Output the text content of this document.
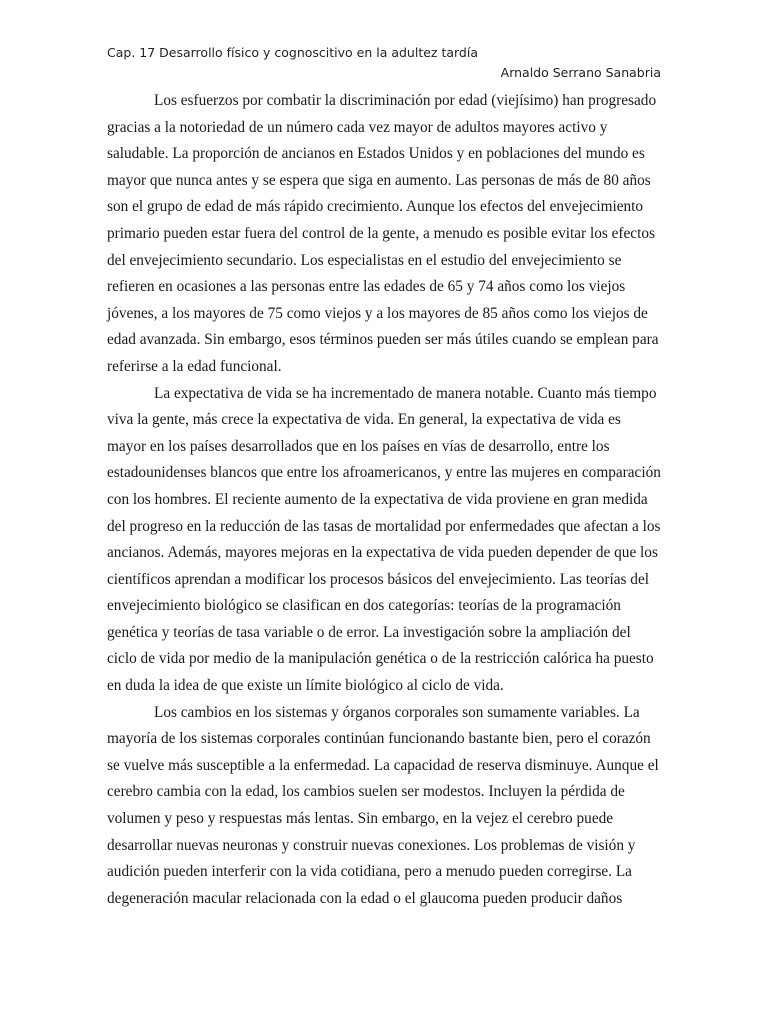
Cap. 17 Desarrollo físico y cognoscitivo en la adultez tardía
Arnaldo Serrano Sanabria

Los esfuerzos por combatir la discriminación por edad (viejísimo) han progresado gracias a la notoriedad de un número cada vez mayor de adultos mayores activo y saludable. La proporción de ancianos en Estados Unidos y en poblaciones del mundo es mayor que nunca antes y se espera que siga en aumento. Las personas de más de 80 años son el grupo de edad de más rápido crecimiento. Aunque los efectos del envejecimiento primario pueden estar fuera del control de la gente, a menudo es posible evitar los efectos del envejecimiento secundario. Los especialistas en el estudio del envejecimiento se refieren en ocasiones a las personas entre las edades de 65 y 74 años como los viejos jóvenes, a los mayores de 75 como viejos y a los mayores de 85 años como los viejos de edad avanzada. Sin embargo, esos términos pueden ser más útiles cuando se emplean para referirse a la edad funcional.

La expectativa de vida se ha incrementado de manera notable. Cuanto más tiempo viva la gente, más crece la expectativa de vida. En general, la expectativa de vida es mayor en los países desarrollados que en los países en vías de desarrollo, entre los estadounidenses blancos que entre los afroamericanos, y entre las mujeres en comparación con los hombres. El reciente aumento de la expectativa de vida proviene en gran medida del progreso en la reducción de las tasas de mortalidad por enfermedades que afectan a los ancianos. Además, mayores mejoras en la expectativa de vida pueden depender de que los científicos aprendan a modificar los procesos básicos del envejecimiento. Las teorías del envejecimiento biológico se clasifican en dos categorías: teorías de la programación genética y teorías de tasa variable o de error. La investigación sobre la ampliación del ciclo de vida por medio de la manipulación genética o de la restricción calórica ha puesto en duda la idea de que existe un límite biológico al ciclo de vida.

Los cambios en los sistemas y órganos corporales son sumamente variables. La mayoría de los sistemas corporales continúan funcionando bastante bien, pero el corazón se vuelve más susceptible a la enfermedad. La capacidad de reserva disminuye. Aunque el cerebro cambia con la edad, los cambios suelen ser modestos. Incluyen la pérdida de volumen y peso y respuestas más lentas. Sin embargo, en la vejez el cerebro puede desarrollar nuevas neuronas y construir nuevas conexiones. Los problemas de visión y audición pueden interferir con la vida cotidiana, pero a menudo pueden corregirse. La degeneración macular relacionada con la edad o el glaucoma pueden producir daños
